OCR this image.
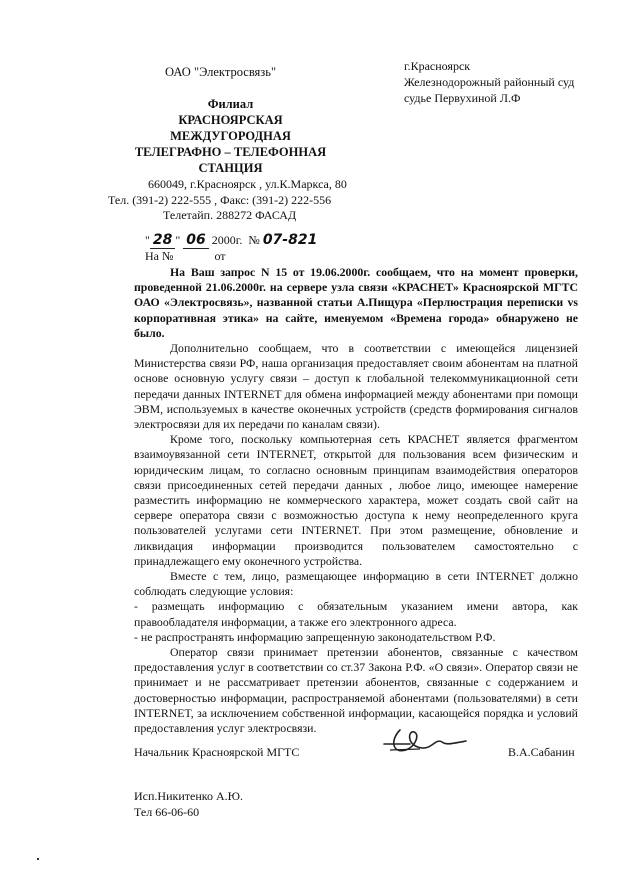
ОАО "Электросвязь"
Филиал
КРАСНОЯРСКАЯ
МЕЖДУГОРОДНАЯ
ТЕЛЕГРАФНО – ТЕЛЕФОННАЯ
СТАНЦИЯ
660049, г.Красноярск , ул.К.Маркса, 80
Тел. (391-2) 222-555 , Факс: (391-2) 222-556
Телетайп. 288272 ФАСАД
г.Красноярск
Железнодорожный районный суд
судье Первухиной Л.Ф
" 28 " 06 2000г. № 07-821
На №	от

На Ваш запрос N 15 от 19.06.2000г. сообщаем, что на момент проверки, проведенной 21.06.2000г. на сервере узла связи «КРАСНЕТ» Красноярской МГТС ОАО «Электросвязь», названной статьи А.Пищура «Перлюстрация переписки vs корпоративная этика» на сайте, именуемом «Времена города» обнаружено не было.

Дополнительно сообщаем, что в соответствии с имеющейся лицензией Министерства связи РФ, наша организация предоставляет своим абонентам на платной основе основную услугу связи – доступ к глобальной телекоммуникационной сети передачи данных INTERNET для обмена информацией между абонентами при помощи ЭВМ, используемых в качестве оконечных устройств (средств формирования сигналов электросвязи для их передачи по каналам связи).

Кроме того, поскольку компьютерная сеть КРАСНЕТ является фрагментом взаимоувязанной сети INTERNET, открытой для пользования всем физическим и юридическим лицам, то согласно основным принципам взаимодействия операторов связи присоединенных сетей передачи данных , любое лицо, имеющее намерение разместить информацию не коммерческого характера, может создать свой сайт на сервере оператора связи с возможностью доступа к нему неопределенного круга пользователей услугами сети INTERNET. При этом размещение, обновление и ликвидация информации производится пользователем самостоятельно с принадлежащего ему оконечного устройства.

Вместе с тем, лицо, размещающее информацию в сети INTERNET должно соблюдать следующие условия:

- размещать информацию с обязательным указанием имени автора, как правообладателя информации, а также его электронного адреса.

- не распространять информацию запрещенную законодательством Р.Ф.

Оператор связи принимает претензии абонентов, связанные с качеством предоставления услуг в соответствии со ст.37 Закона Р.Ф. «О связи». Оператор связи не принимает и не рассматривает претензии абонентов, связанные с содержанием и достоверностью информации, распространяемой абонентами (пользователями) в сети INTERNET, за исключением собственной информации, касающейся порядка и условий предоставления услуг электросвязи.

Начальник Красноярской МГТС	В.А.Сабанин
Исп.Никитенко А.Ю.
Тел 66-06-60
